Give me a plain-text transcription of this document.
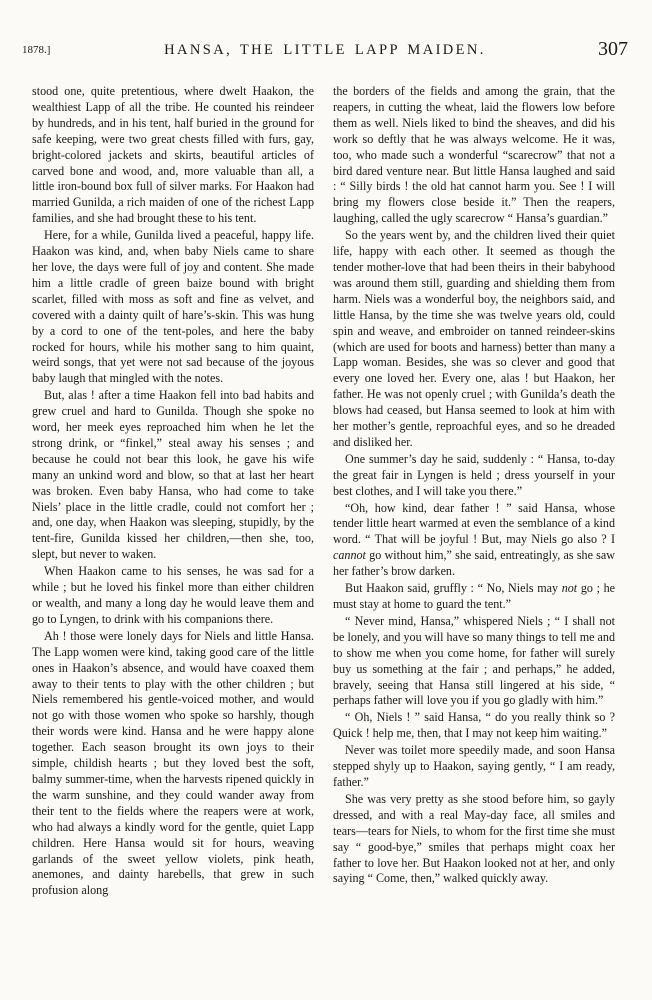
1878.]	HANSA, THE LITTLE LAPP MAIDEN.	307

stood one, quite pretentious, where dwelt Haakon, the wealthiest Lapp of all the tribe. He counted his reindeer by hundreds, and in his tent, half buried in the ground for safe keeping, were two great chests filled with furs, gay, bright-colored jackets and skirts, beautiful articles of carved bone and wood, and, more valuable than all, a little iron-bound box full of silver marks. For Haakon had married Gunilda, a rich maiden of one of the richest Lapp families, and she had brought these to his tent.

Here, for a while, Gunilda lived a peaceful, happy life. Haakon was kind, and, when baby Niels came to share her love, the days were full of joy and content. She made him a little cradle of green baize bound with bright scarlet, filled with moss as soft and fine as velvet, and covered with a dainty quilt of hare’s-skin. This was hung by a cord to one of the tent-poles, and here the baby rocked for hours, while his mother sang to him quaint, weird songs, that yet were not sad because of the joyous baby laugh that mingled with the notes.

But, alas ! after a time Haakon fell into bad habits and grew cruel and hard to Gunilda. Though she spoke no word, her meek eyes reproached him when he let the strong drink, or “finkel,” steal away his senses ; and because he could not bear this look, he gave his wife many an unkind word and blow, so that at last her heart was broken. Even baby Hansa, who had come to take Niels’ place in the little cradle, could not comfort her ; and, one day, when Haakon was sleeping, stupidly, by the tent-fire, Gunilda kissed her children,—then she, too, slept, but never to waken.

When Haakon came to his senses, he was sad for a while ; but he loved his finkel more than either children or wealth, and many a long day he would leave them and go to Lyngen, to drink with his companions there.

Ah ! those were lonely days for Niels and little Hansa. The Lapp women were kind, taking good care of the little ones in Haakon’s absence, and would have coaxed them away to their tents to play with the other children ; but Niels remembered his gentle-voiced mother, and would not go with those women who spoke so harshly, though their words were kind. Hansa and he were happy alone together. Each season brought its own joys to their simple, childish hearts ; but they loved best the soft, balmy summer-time, when the harvests ripened quickly in the warm sunshine, and they could wander away from their tent to the fields where the reapers were at work, who had always a kindly word for the gentle, quiet Lapp children. Here Hansa would sit for hours, weaving garlands of the sweet yellow violets, pink heath, anemones, and dainty harebells, that grew in such profusion along

the borders of the fields and among the grain, that the reapers, in cutting the wheat, laid the flowers low before them as well. Niels liked to bind the sheaves, and did his work so deftly that he was always welcome. He it was, too, who made such a wonderful “scarecrow” that not a bird dared venture near. But little Hansa laughed and said : “ Silly birds ! the old hat cannot harm you. See ! I will bring my flowers close beside it.” Then the reapers, laughing, called the ugly scarecrow “ Hansa’s guardian.”

So the years went by, and the children lived their quiet life, happy with each other. It seemed as though the tender mother-love that had been theirs in their babyhood was around them still, guarding and shielding them from harm. Niels was a wonderful boy, the neighbors said, and little Hansa, by the time she was twelve years old, could spin and weave, and embroider on tanned reindeer-skins (which are used for boots and harness) better than many a Lapp woman. Besides, she was so clever and good that every one loved her. Every one, alas ! but Haakon, her father. He was not openly cruel ; with Gunilda’s death the blows had ceased, but Hansa seemed to look at him with her mother’s gentle, reproachful eyes, and so he dreaded and disliked her.

One summer’s day he said, suddenly : “ Hansa, to-day the great fair in Lyngen is held ; dress yourself in your best clothes, and I will take you there.”

“Oh, how kind, dear father ! ” said Hansa, whose tender little heart warmed at even the semblance of a kind word. “ That will be joyful ! But, may Niels go also ? I cannot go without him,” she said, entreatingly, as she saw her father’s brow darken.

But Haakon said, gruffly : “ No, Niels may not go ; he must stay at home to guard the tent.”

“ Never mind, Hansa,” whispered Niels ; “ I shall not be lonely, and you will have so many things to tell me and to show me when you come home, for father will surely buy us something at the fair ; and perhaps,” he added, bravely, seeing that Hansa still lingered at his side, “ perhaps father will love you if you go gladly with him.”

“ Oh, Niels ! ” said Hansa, “ do you really think so ? Quick ! help me, then, that I may not keep him waiting.”

Never was toilet more speedily made, and soon Hansa stepped shyly up to Haakon, saying gently, “ I am ready, father.”

She was very pretty as she stood before him, so gayly dressed, and with a real May-day face, all smiles and tears—tears for Niels, to whom for the first time she must say “ good-bye,” smiles that perhaps might coax her father to love her. But Haakon looked not at her, and only saying “ Come, then,” walked quickly away.
